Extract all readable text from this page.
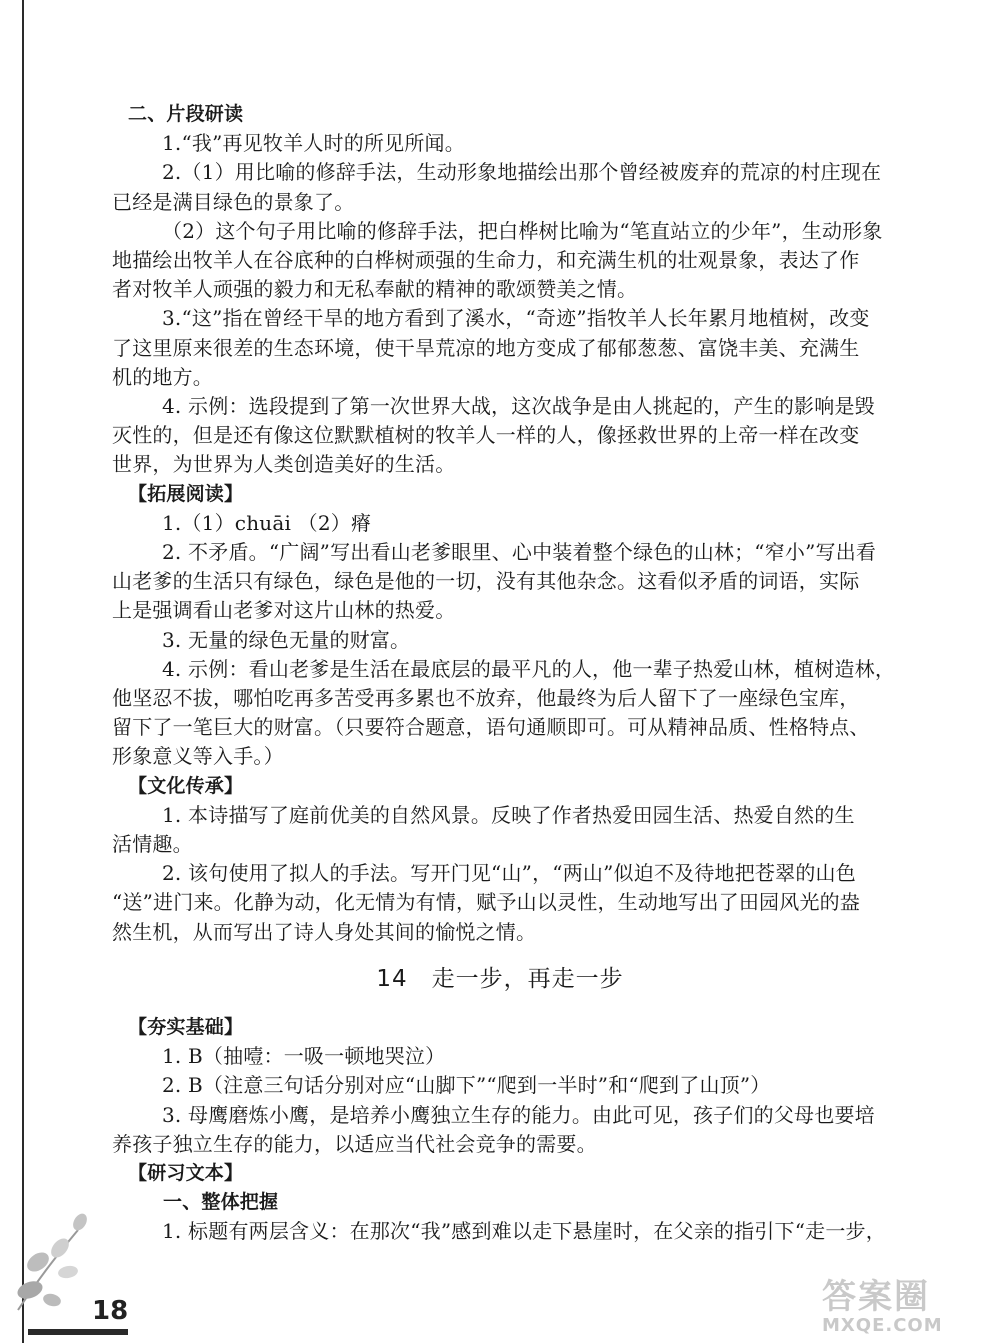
二、片段研读
1.“我”再见牧羊人时的所见所闻。
2.（1）用比喻的修辞手法，生动形象地描绘出那个曾经被废弃的荒凉的村庄现在
已经是满目绿色的景象了。
（2）这个句子用比喻的修辞手法，把白桦树比喻为“笔直站立的少年”，生动形象
地描绘出牧羊人在谷底种的白桦树顽强的生命力，和充满生机的壮观景象，表达了作
者对牧羊人顽强的毅力和无私奉献的精神的歌颂赞美之情。
3.“这”指在曾经干旱的地方看到了溪水，“奇迹”指牧羊人长年累月地植树，改变
了这里原来很差的生态环境，使干旱荒凉的地方变成了郁郁葱葱、富饶丰美、充满生
机的地方。
4. 示例：选段提到了第一次世界大战，这次战争是由人挑起的，产生的影响是毁
灭性的，但是还有像这位默默植树的牧羊人一样的人，像拯救世界的上帝一样在改变
世界，为世界为人类创造美好的生活。
【拓展阅读】
1.（1）chuāi （2）瘠
2. 不矛盾。“广阔”写出看山老爹眼里、心中装着整个绿色的山林；“窄小”写出看
山老爹的生活只有绿色，绿色是他的一切，没有其他杂念。这看似矛盾的词语，实际
上是强调看山老爹对这片山林的热爱。
3. 无量的绿色无量的财富。
4. 示例：看山老爹是生活在最底层的最平凡的人，他一辈子热爱山林，植树造林，
他坚忍不拔，哪怕吃再多苦受再多累也不放弃，他最终为后人留下了一座绿色宝库，
留下了一笔巨大的财富。（只要符合题意，语句通顺即可。可从精神品质、性格特点、
形象意义等入手。）
【文化传承】
1. 本诗描写了庭前优美的自然风景。反映了作者热爱田园生活、热爱自然的生
活情趣。
2. 该句使用了拟人的手法。写开门见“山”，“两山”似迫不及待地把苍翠的山色
“送”进门来。化静为动，化无情为有情，赋予山以灵性，生动地写出了田园风光的盎
然生机，从而写出了诗人身处其间的愉悦之情。
【夯实基础】
1. B（抽噎：一吸一顿地哭泣）
2. B（注意三句话分别对应“山脚下”“爬到一半时”和“爬到了山顶”）
3. 母鹰磨炼小鹰，是培养小鹰独立生存的能力。由此可见，孩子们的父母也要培
养孩子独立生存的能力，以适应当代社会竞争的需要。
【研习文本】
一、整体把握
1. 标题有两层含义：在那次“我”感到难以走下悬崖时，在父亲的指引下“走一步，
14　走一步，再走一步
18	答案圈
MXQE.COM
